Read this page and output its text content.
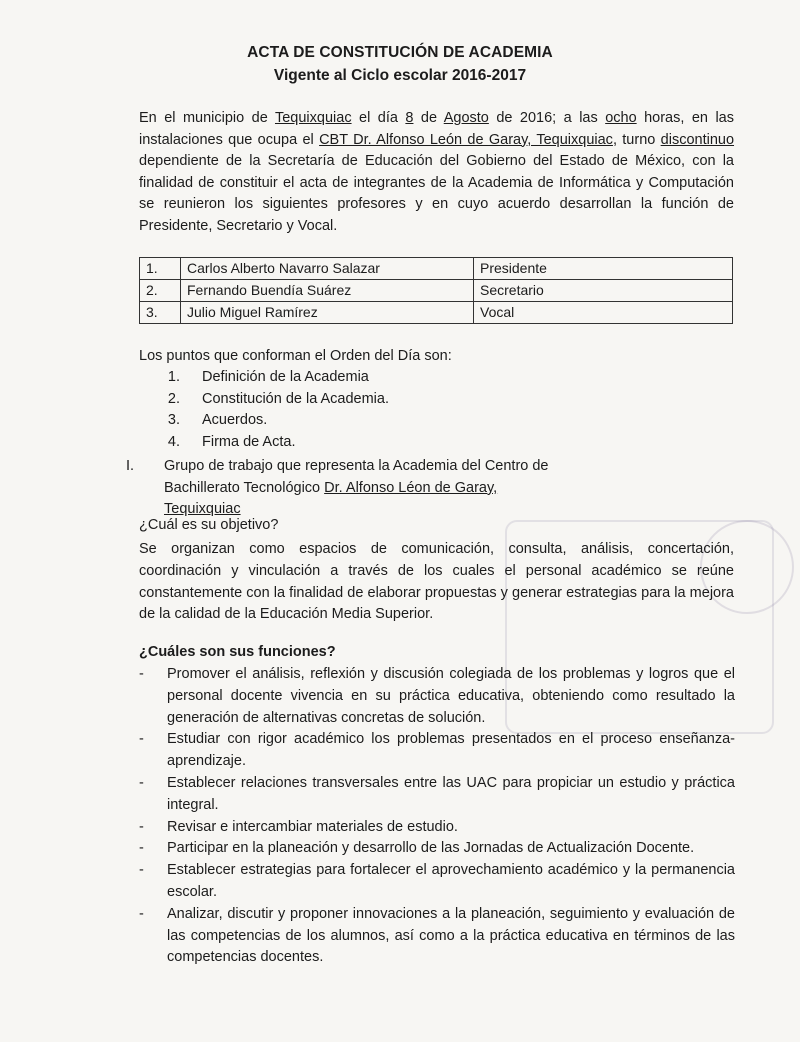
ACTA DE CONSTITUCIÓN DE ACADEMIA
Vigente al Ciclo escolar 2016-2017
En el municipio de Tequixquiac el día 8 de Agosto de 2016; a las ocho horas, en las instalaciones que ocupa el CBT Dr. Alfonso León de Garay, Tequixquiac, turno discontinuo dependiente de la Secretaría de Educación del Gobierno del Estado de México, con la finalidad de constituir el acta de integrantes de la Academia de Informática y Computación se reunieron los siguientes profesores y en cuyo acuerdo desarrollan la función de Presidente, Secretario y Vocal.
1.	Carlos Alberto Navarro Salazar	Presidente
2.	Fernando Buendía Suárez	Secretario
3.	Julio Miguel Ramírez	Vocal
Los puntos que conforman el Orden del Día son:
1. Definición de la Academia
2. Constitución de la Academia.
3. Acuerdos.
4. Firma de Acta.
I. Grupo de trabajo que representa la Academia del Centro de Bachillerato Tecnológico Dr. Alfonso Léon de Garay, Tequixquiac
¿Cuál es su objetivo?
Se organizan como espacios de comunicación, consulta, análisis, concertación, coordinación y vinculación a través de los cuales el personal académico se reúne constantemente con la finalidad de elaborar propuestas y generar estrategias para la mejora de la calidad de la Educación Media Superior.
¿Cuáles son sus funciones?
- Promover el análisis, reflexión y discusión colegiada de los problemas y logros que el personal docente vivencia en su práctica educativa, obteniendo como resultado la generación de alternativas concretas de solución.
- Estudiar con rigor académico los problemas presentados en el proceso enseñanza-aprendizaje.
- Establecer relaciones transversales entre las UAC para propiciar un estudio y práctica integral.
- Revisar e intercambiar materiales de estudio.
- Participar en la planeación y desarrollo de las Jornadas de Actualización Docente.
- Establecer estrategias para fortalecer el aprovechamiento académico y la permanencia escolar.
- Analizar, discutir y proponer innovaciones a la planeación, seguimiento y evaluación de las competencias de los alumnos, así como a la práctica educativa en términos de las competencias docentes.
